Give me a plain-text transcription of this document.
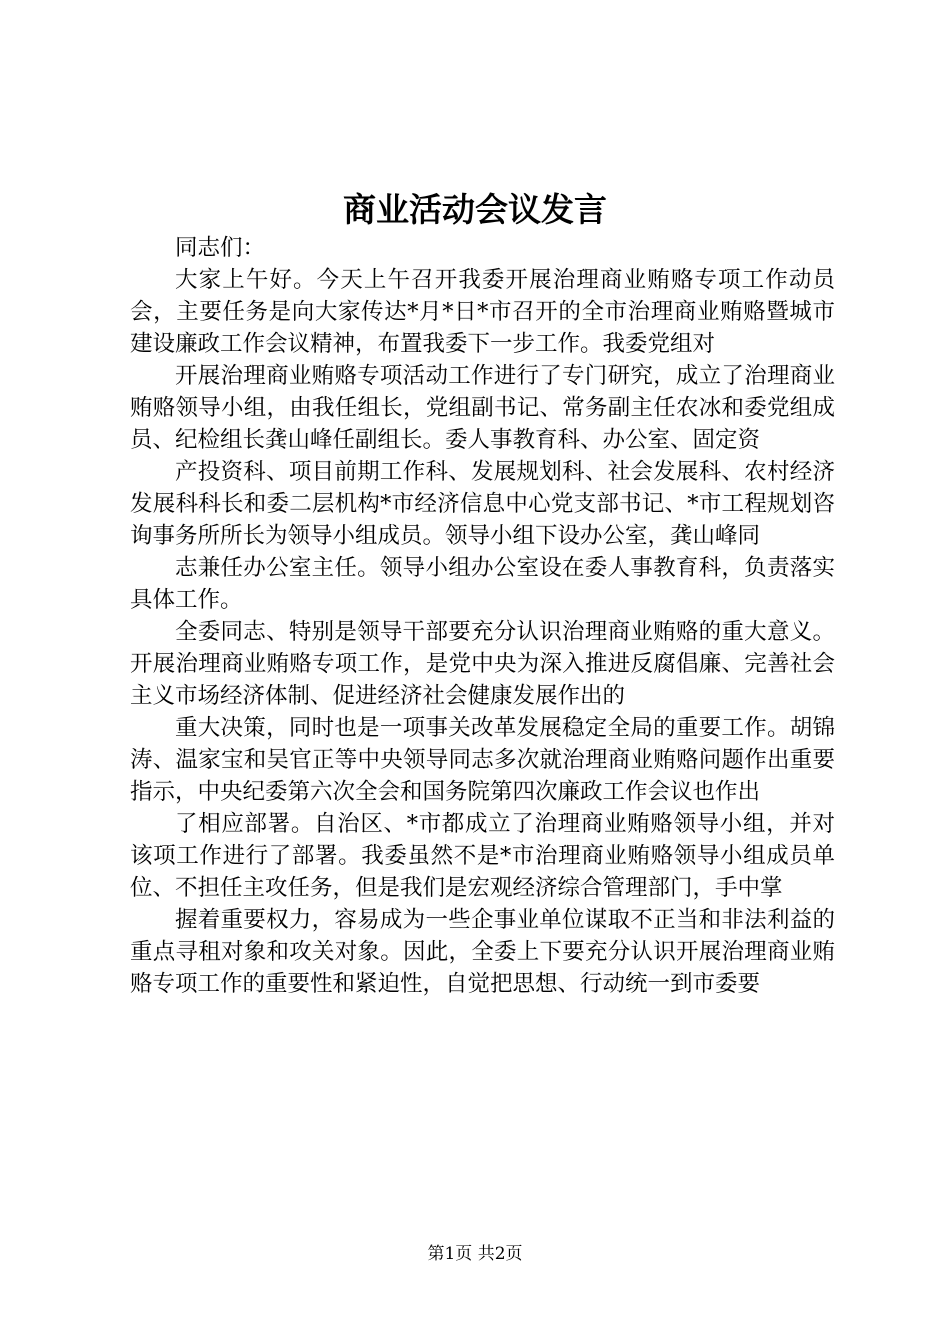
商业活动会议发言

同志们：

大家上午好。今天上午召开我委开展治理商业贿赂专项工作动员会，主要任务是向大家传达*月*日*市召开的全市治理商业贿赂暨城市建设廉政工作会议精神，布置我委下一步工作。我委党组对

开展治理商业贿赂专项活动工作进行了专门研究，成立了治理商业贿赂领导小组，由我任组长，党组副书记、常务副主任农冰和委党组成员、纪检组长龚山峰任副组长。委人事教育科、办公室、固定资

产投资科、项目前期工作科、发展规划科、社会发展科、农村经济发展科科长和委二层机构*市经济信息中心党支部书记、*市工程规划咨询事务所所长为领导小组成员。领导小组下设办公室，龚山峰同

志兼任办公室主任。领导小组办公室设在委人事教育科，负责落实具体工作。

全委同志、特别是领导干部要充分认识治理商业贿赂的重大意义。开展治理商业贿赂专项工作，是党中央为深入推进反腐倡廉、完善社会主义市场经济体制、促进经济社会健康发展作出的

重大决策，同时也是一项事关改革发展稳定全局的重要工作。胡锦涛、温家宝和吴官正等中央领导同志多次就治理商业贿赂问题作出重要指示，中央纪委第六次全会和国务院第四次廉政工作会议也作出

了相应部署。自治区、*市都成立了治理商业贿赂领导小组，并对该项工作进行了部署。我委虽然不是*市治理商业贿赂领导小组成员单位、不担任主攻任务，但是我们是宏观经济综合管理部门，手中掌

握着重要权力，容易成为一些企事业单位谋取不正当和非法利益的重点寻租对象和攻关对象。因此，全委上下要充分认识开展治理商业贿赂专项工作的重要性和紧迫性，自觉把思想、行动统一到市委要

第1页 共2页
